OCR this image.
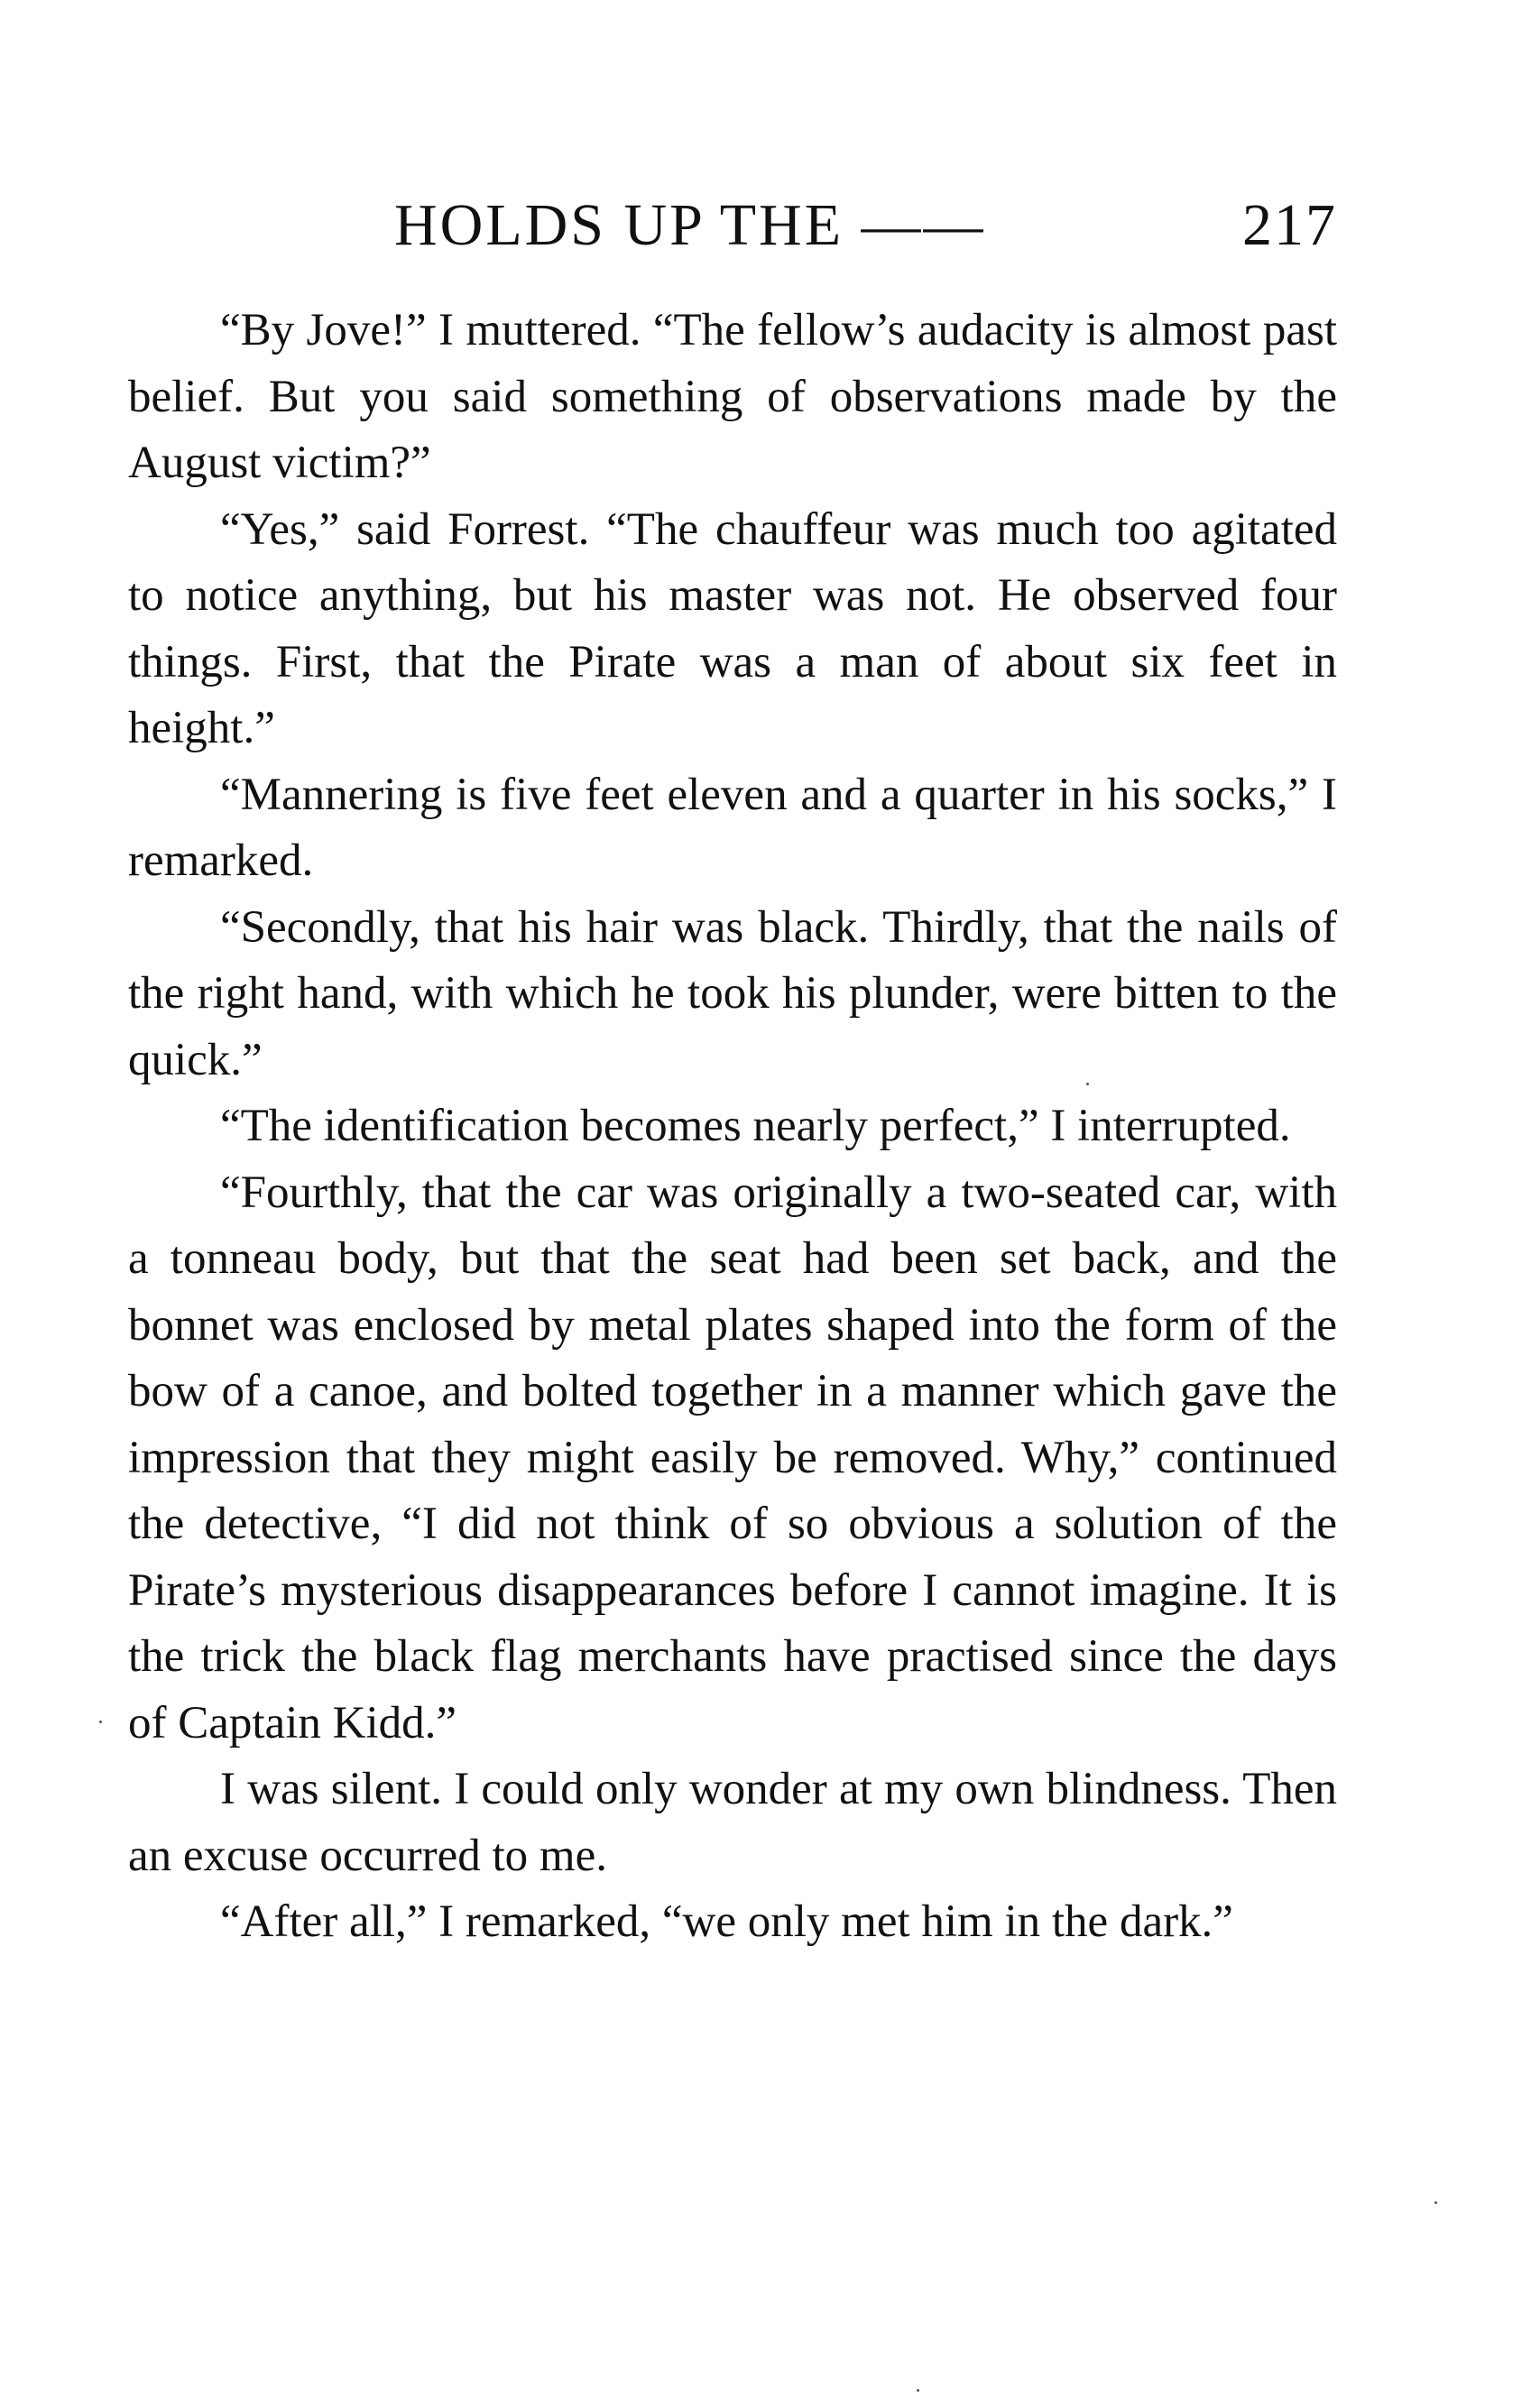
HOLDS UP THE ——	217

“By Jove!” I muttered. “The fellow’s audacity is almost past belief. But you said something of observations made by the August victim?”

“Yes,” said Forrest. “The chauffeur was much too agitated to notice anything, but his master was not. He observed four things. First, that the Pirate was a man of about six feet in height.”

“Mannering is five feet eleven and a quarter in his socks,” I remarked.

“Secondly, that his hair was black. Thirdly, that the nails of the right hand, with which he took his plunder, were bitten to the quick.”

“The identification becomes nearly perfect,” I interrupted.

“Fourthly, that the car was originally a two-seated car, with a tonneau body, but that the seat had been set back, and the bonnet was enclosed by metal plates shaped into the form of the bow of a canoe, and bolted together in a manner which gave the impression that they might easily be removed. Why,” continued the detective, “I did not think of so obvious a solution of the Pirate’s mysterious disappearances before I cannot imagine. It is the trick the black flag merchants have practised since the days of Captain Kidd.”

I was silent. I could only wonder at my own blindness. Then an excuse occurred to me.

“After all,” I remarked, “we only met him in the dark.”
